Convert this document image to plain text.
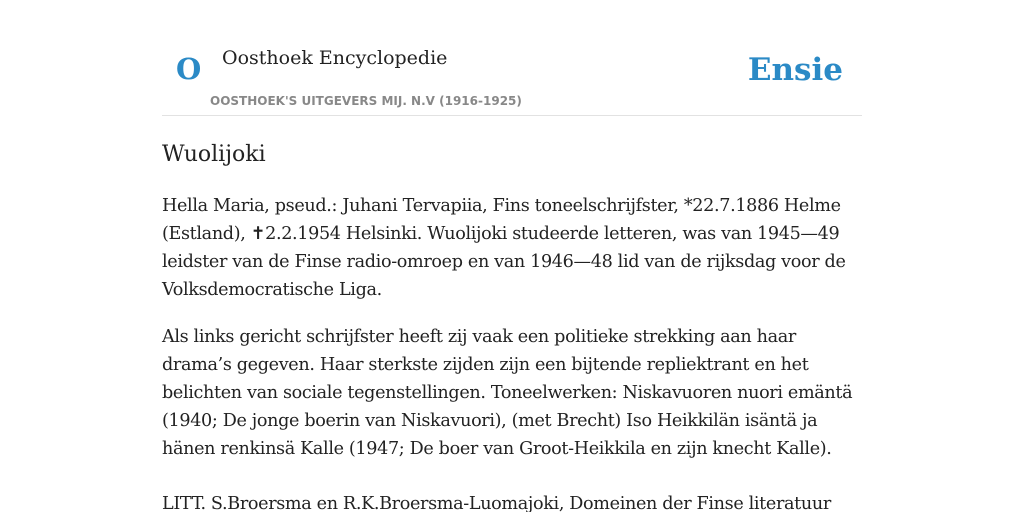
O Oosthoek Encyclopedie
OOSTHOEK'S UITGEVERS MIJ. N.V (1916-1925)
Ensie
Wuolijoki

Hella Maria, pseud.: Juhani Tervapiia, Fins toneelschrijfster, *22.7.1886 Helme (Estland), ✝2.2.1954 Helsinki. Wuolijoki studeerde letteren, was van 1945—49 leidster van de Finse radio-omroep en van 1946—48 lid van de rijksdag voor de Volksdemocratische Liga.

Als links gericht schrijfster heeft zij vaak een politieke strekking aan haar drama’s gegeven. Haar sterkste zijden zijn een bijtende repliektrant en het belichten van sociale tegenstellingen. Toneelwerken: Niskavuoren nuori emäntä (1940; De jonge boerin van Niskavuori), (met Brecht) Iso Heikkilän isäntä ja hänen renkinsä Kalle (1947; De boer van Groot-Heikkila en zijn knecht Kalle).

LITT. S.Broersma en R.K.Broersma-Luomajoki, Domeinen der Finse literatuur
